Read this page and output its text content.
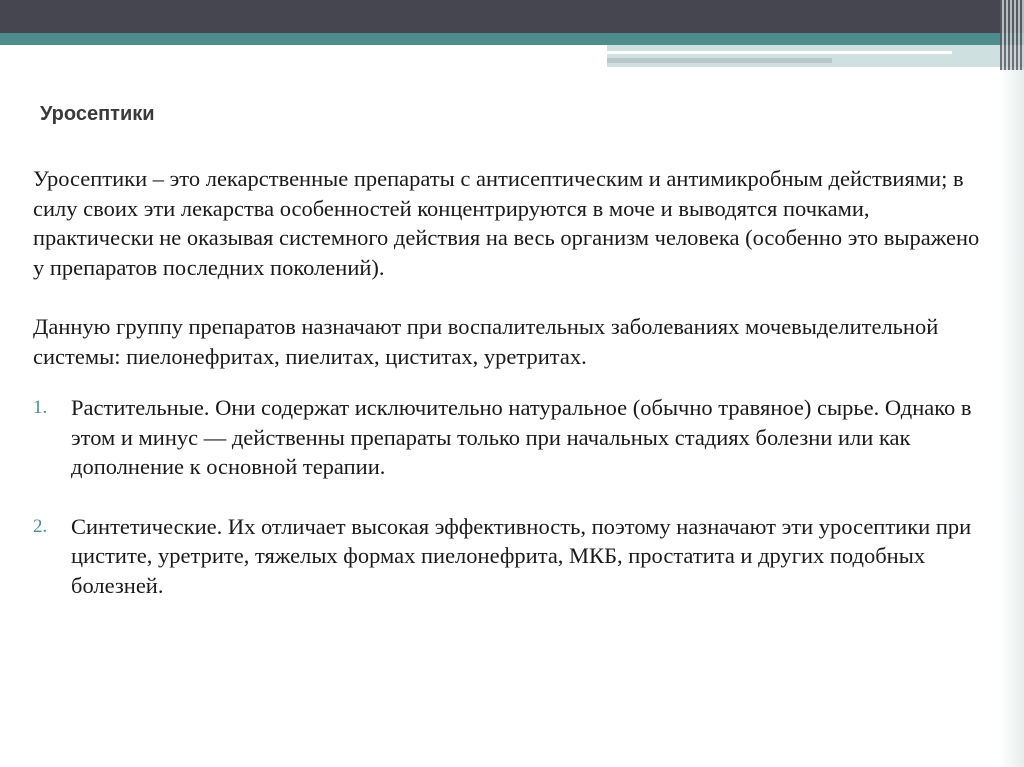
Уросептики

Уросептики – это лекарственные препараты с антисептическим и антимикробным действиями; в силу своих эти лекарства особенностей концентрируются в моче и выводятся почками, практически не оказывая системного действия на весь организм человека (особенно это выражено у препаратов последних поколений).

Данную группу препаратов назначают при воспалительных заболеваниях мочевыделительной системы: пиелонефритах, пиелитах, циститах, уретритах.

1. Растительные. Они содержат исключительно натуральное (обычно травяное) сырье. Однако в этом и минус — действенны препараты только при начальных стадиях болезни или как дополнение к основной терапии.
2. Синтетические. Их отличает высокая эффективность, поэтому назначают эти уросептики при цистите, уретрите, тяжелых формах пиелонефрита, МКБ, простатита и других подобных болезней.
